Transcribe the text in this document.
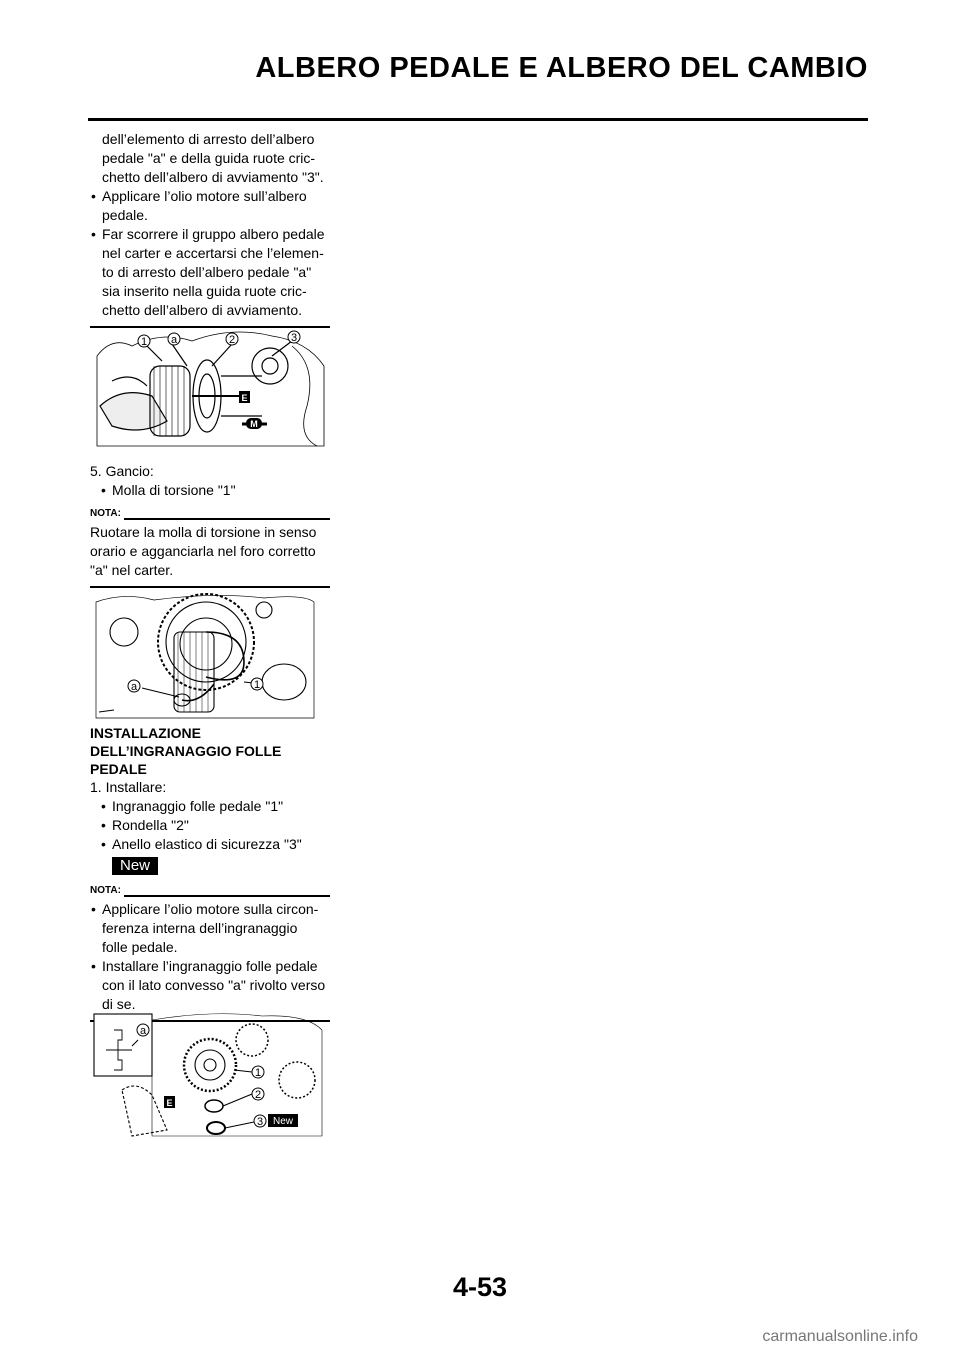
ALBERO PEDALE E ALBERO DEL CAMBIO
dell’elemento di arresto dell’albero
pedale "a" e della guida ruote cric-
chetto dell’albero di avviamento "3".
• Applicare l’olio motore sull’albero
pedale.
• Far scorrere il gruppo albero pedale
nel carter e accertarsi che l’elemen-
to di arresto dell’albero pedale "a"
sia inserito nella guida ruote cric-
chetto dell’albero di avviamento.
1 a	2	3
E
M
5. Gancio:
• Molla di torsione "1"
NOTA:
Ruotare la molla di torsione in senso
orario e agganciarla nel foro corretto
"a" nel carter.
a	1
INSTALLAZIONE
DELL’INGRANAGGIO FOLLE
PEDALE
1. Installare:
• Ingranaggio folle pedale "1"
• Rondella "2"
• Anello elastico di sicurezza "3"
New
NOTA:
• Applicare l’olio motore sulla circon-
ferenza interna dell’ingranaggio
folle pedale.
• Installare l’ingranaggio folle pedale
con il lato convesso "a" rivolto verso
di se.
a
1
2
3
E
New
4-53
carmanualsonline.info
